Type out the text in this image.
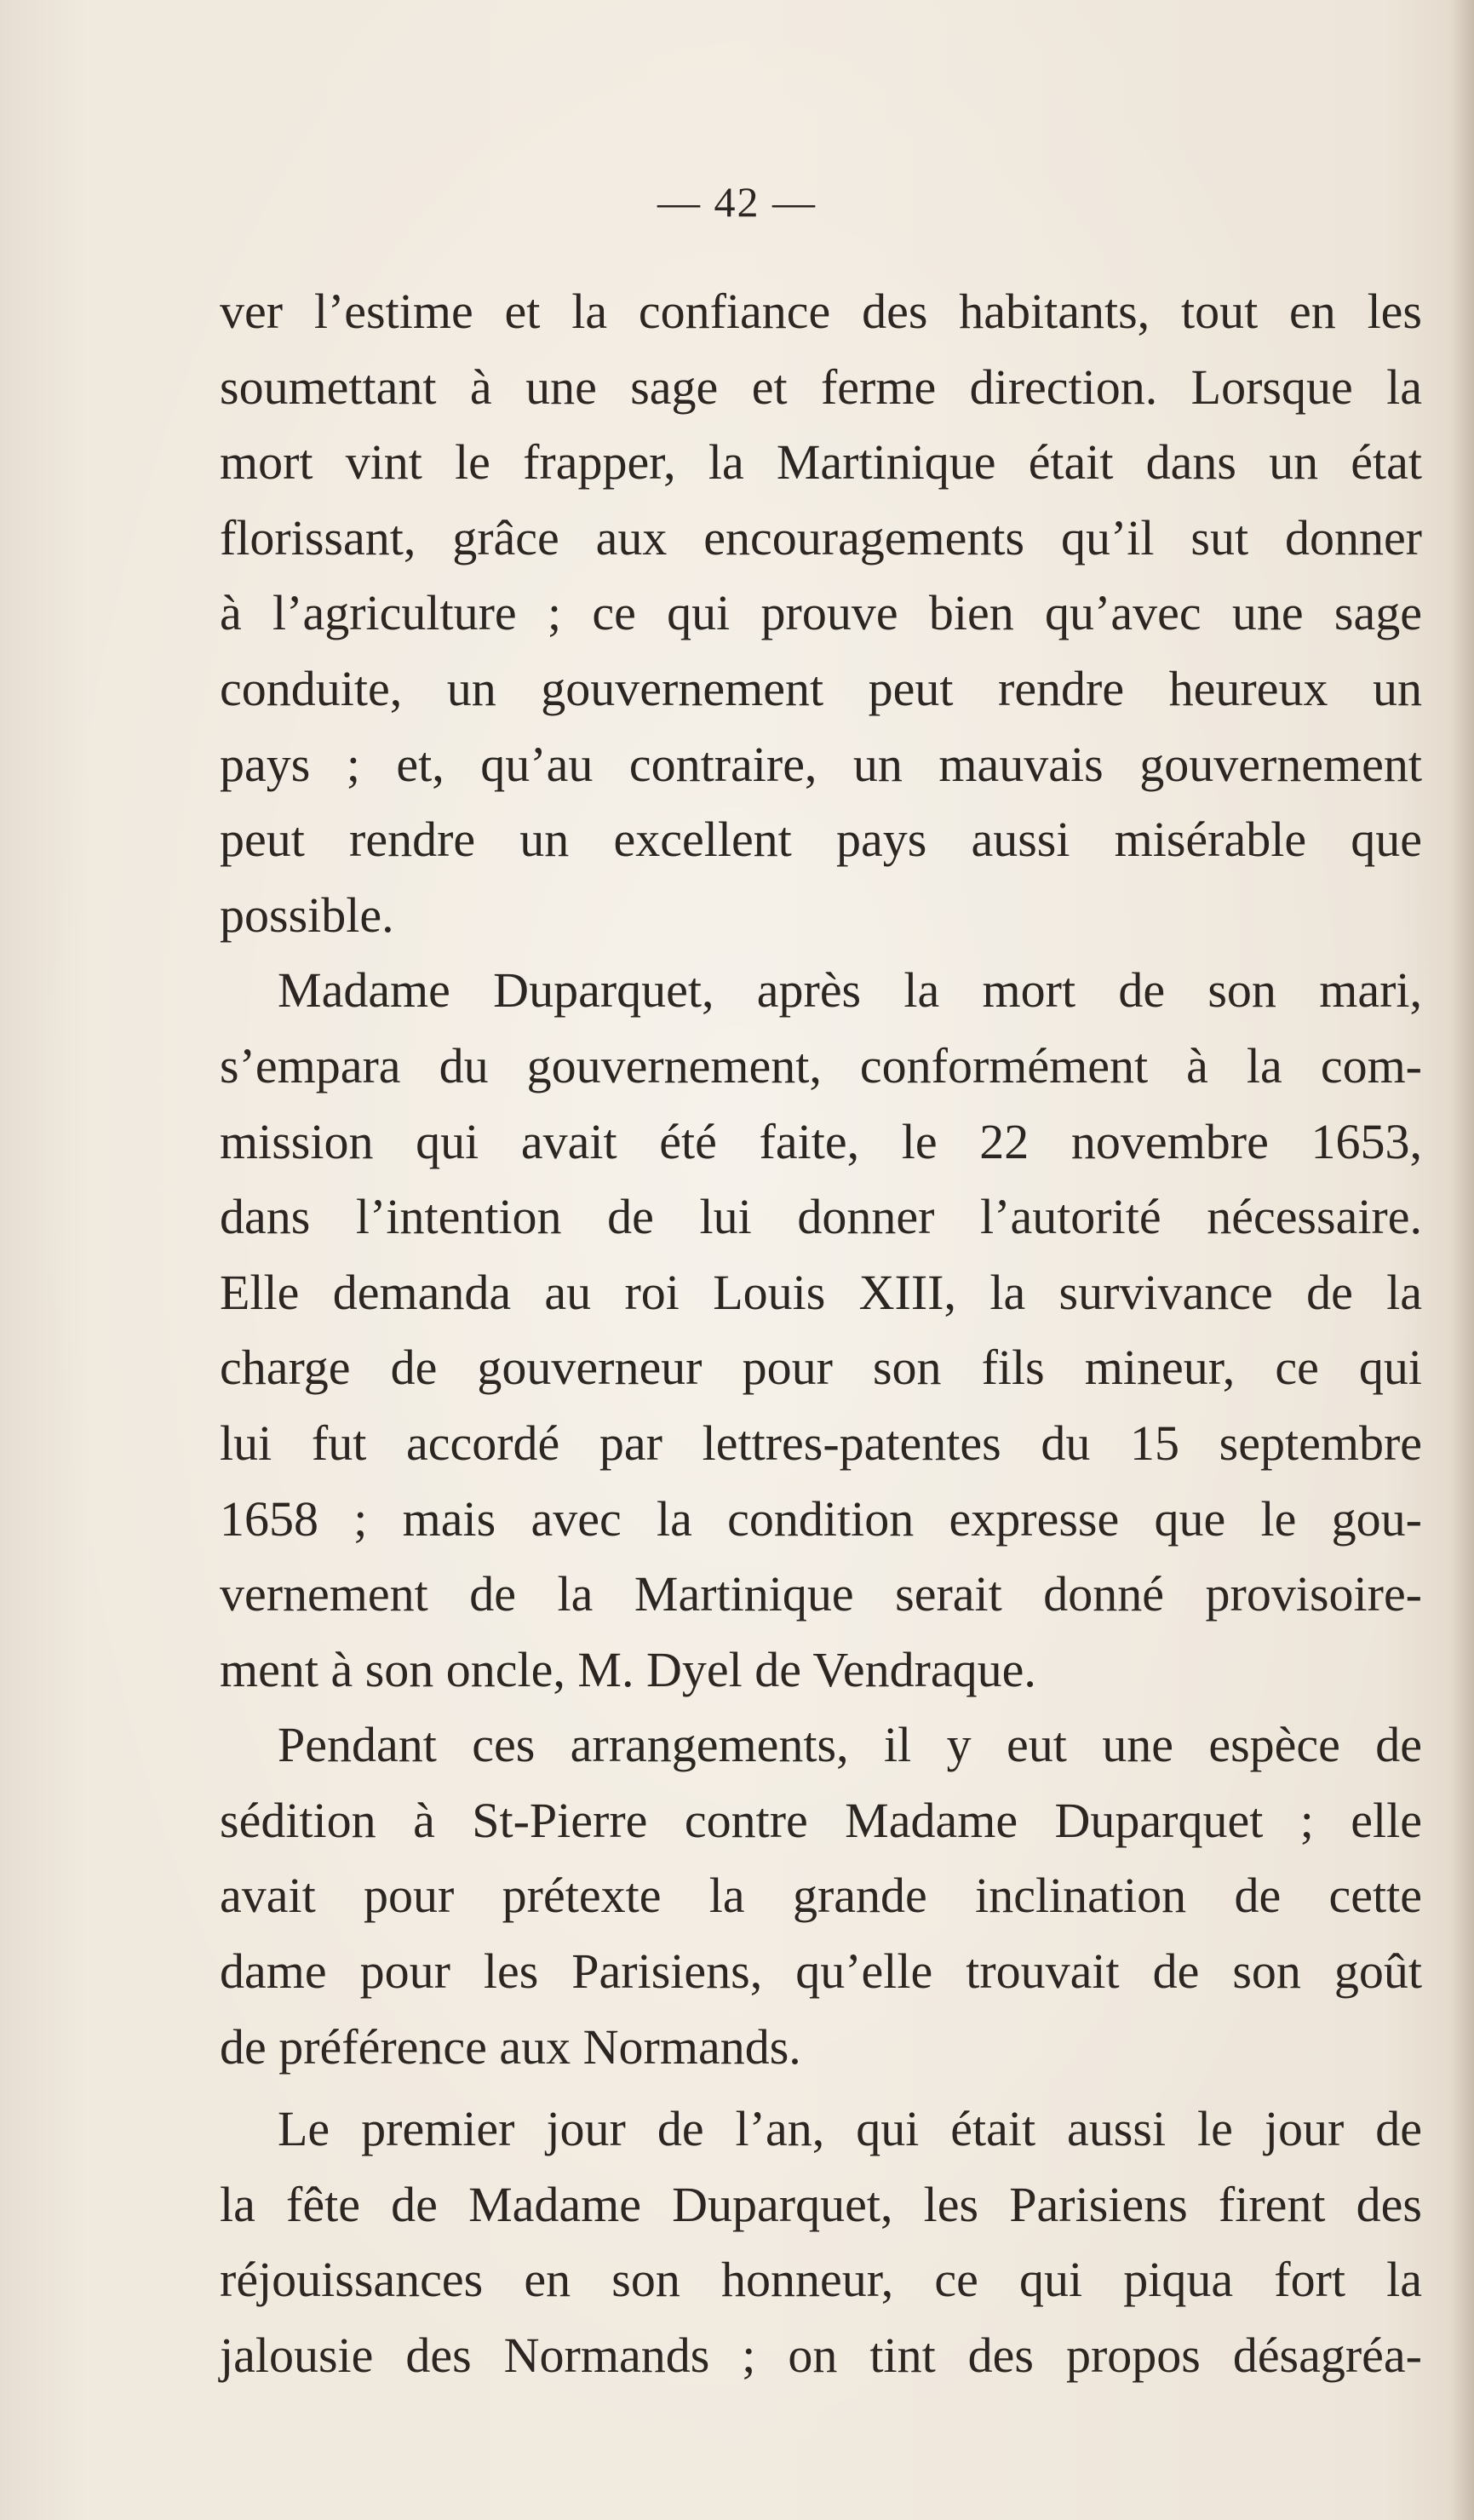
— 42 —
ver l’estime et la confiance des habitants, tout en les
soumettant à une sage et ferme direction. Lorsque la
mort vint le frapper, la Martinique était dans un état
florissant, grâce aux encouragements qu’il sut donner
à l’agriculture ; ce qui prouve bien qu’avec une sage
conduite, un gouvernement peut rendre heureux un
pays ; et, qu’au contraire, un mauvais gouvernement
peut rendre un excellent pays aussi misérable que
possible.
Madame Duparquet, après la mort de son mari,
s’empara du gouvernement, conformément à la com-
mission qui avait été faite, le 22 novembre 1653,
dans l’intention de lui donner l’autorité nécessaire.
Elle demanda au roi Louis XIII, la survivance de la
charge de gouverneur pour son fils mineur, ce qui
lui fut accordé par lettres-patentes du 15 septembre
1658 ; mais avec la condition expresse que le gou-
vernement de la Martinique serait donné provisoire-
ment à son oncle, M. Dyel de Vendraque.
Pendant ces arrangements, il y eut une espèce de
sédition à St-Pierre contre Madame Duparquet ; elle
avait pour prétexte la grande inclination de cette
dame pour les Parisiens, qu’elle trouvait de son goût
de préférence aux Normands.
Le premier jour de l’an, qui était aussi le jour de
la fête de Madame Duparquet, les Parisiens firent des
réjouissances en son honneur, ce qui piqua fort la
jalousie des Normands ; on tint des propos désagréa-
